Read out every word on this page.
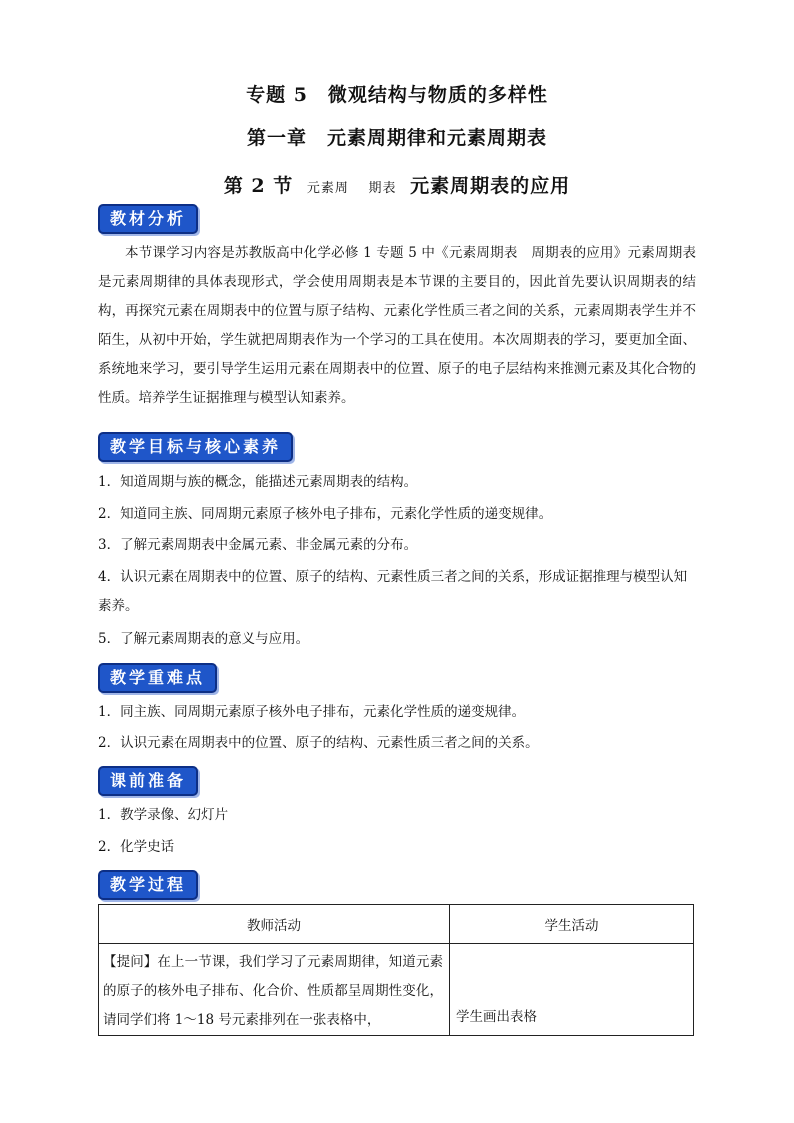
专题 5　微观结构与物质的多样性
第一章　元素周期律和元素周期表
第 2 节 元素周 期表 元素周期表的应用
教材分析
本节课学习内容是苏教版高中化学必修 1 专题 5 中《元素周期表　周期表的应用》元素周期表是元素周期律的具体表现形式，学会使用周期表是本节课的主要目的，因此首先要认识周期表的结构，再探究元素在周期表中的位置与原子结构、元素化学性质三者之间的关系，元素周期表学生并不陌生，从初中开始，学生就把周期表作为一个学习的工具在使用。本次周期表的学习，要更加全面、系统地来学习，要引导学生运用元素在周期表中的位置、原子的电子层结构来推测元素及其化合物的性质。培养学生证据推理与模型认知素养。
教学目标与核心素养
1．知道周期与族的概念，能描述元素周期表的结构。
2．知道同主族、同周期元素原子核外电子排布，元素化学性质的递变规律。
3．了解元素周期表中金属元素、非金属元素的分布。
4．认识元素在周期表中的位置、原子的结构、元素性质三者之间的关系，形成证据推理与模型认知素养。
5．了解元素周期表的意义与应用。
教学重难点
1．同主族、同周期元素原子核外电子排布，元素化学性质的递变规律。
2．认识元素在周期表中的位置、原子的结构、元素性质三者之间的关系。
课前准备
1．教学录像、幻灯片
2．化学史话
教学过程
教师活动	学生活动
【提问】在上一节课，我们学习了元素周期律，知道元素的原子的核外电子排布、化合价、性质都呈周期性变化，请同学们将 1～18 号元素排列在一张表格中，	学生画出表格
